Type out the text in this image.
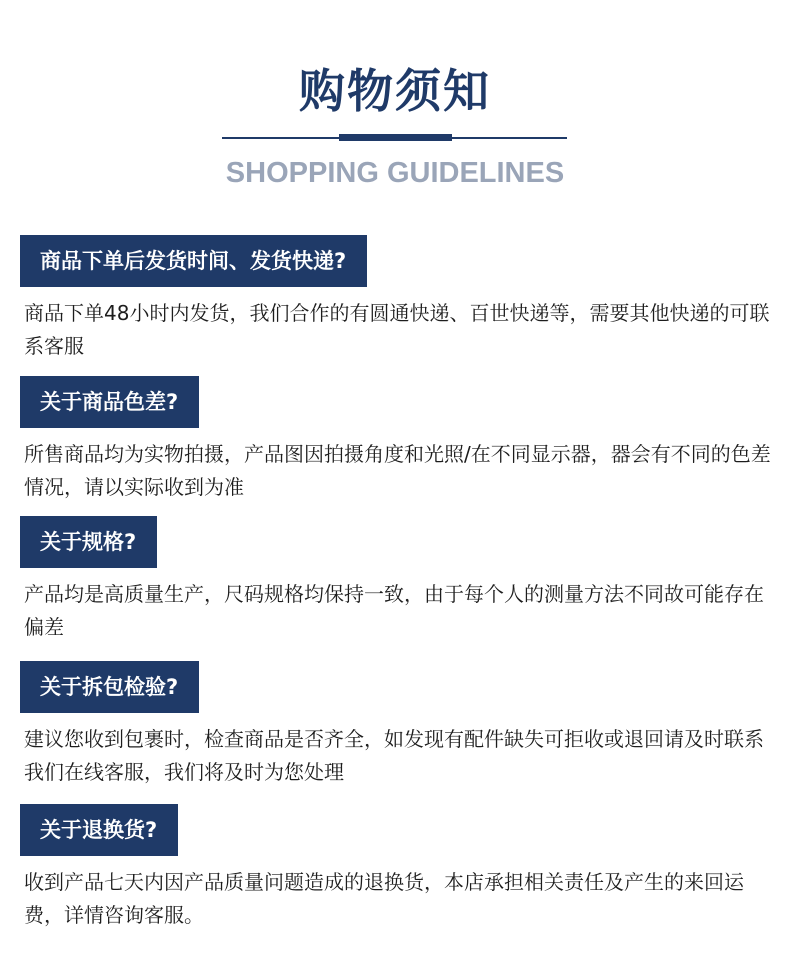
购物须知
SHOPPING GUIDELINES
商品下单后发货时间、发货快递?
商品下单48小时内发货，我们合作的有圆通快递、百世快递等，需要其他快递的可联系客服
关于商品色差?
所售商品均为实物拍摄，产品图因拍摄角度和光照/在不同显示器，器会有不同的色差情况，请以实际收到为准
关于规格?
产品均是高质量生产，尺码规格均保持一致，由于每个人的测量方法不同故可能存在偏差
关于拆包检验?
建议您收到包裹时，检查商品是否齐全，如发现有配件缺失可拒收或退回请及时联系我们在线客服，我们将及时为您处理
关于退换货?
收到产品七天内因产品质量问题造成的退换货，本店承担相关责任及产生的来回运费，详情咨询客服。
